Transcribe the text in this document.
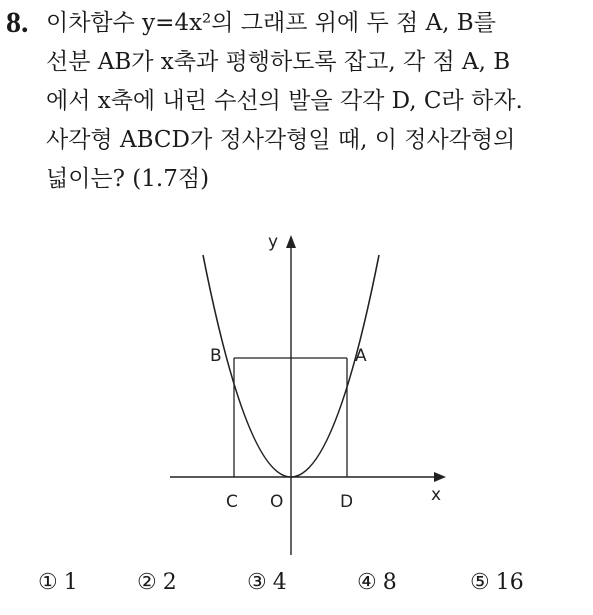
8. 이차함수 y=4x²의 그래프 위에 두 점 A, B를
선분 AB가 x축과 평행하도록 잡고, 각 점 A, B
에서 x축에 내린 수선의 발을 각각 D, C라 하자.
사각형 ABCD가 정사각형일 때, 이 정사각형의
넓이는? (1.7점)
y
x
B	A
C O	D
① 1	② 2	③ 4	④ 8	⑤ 16
